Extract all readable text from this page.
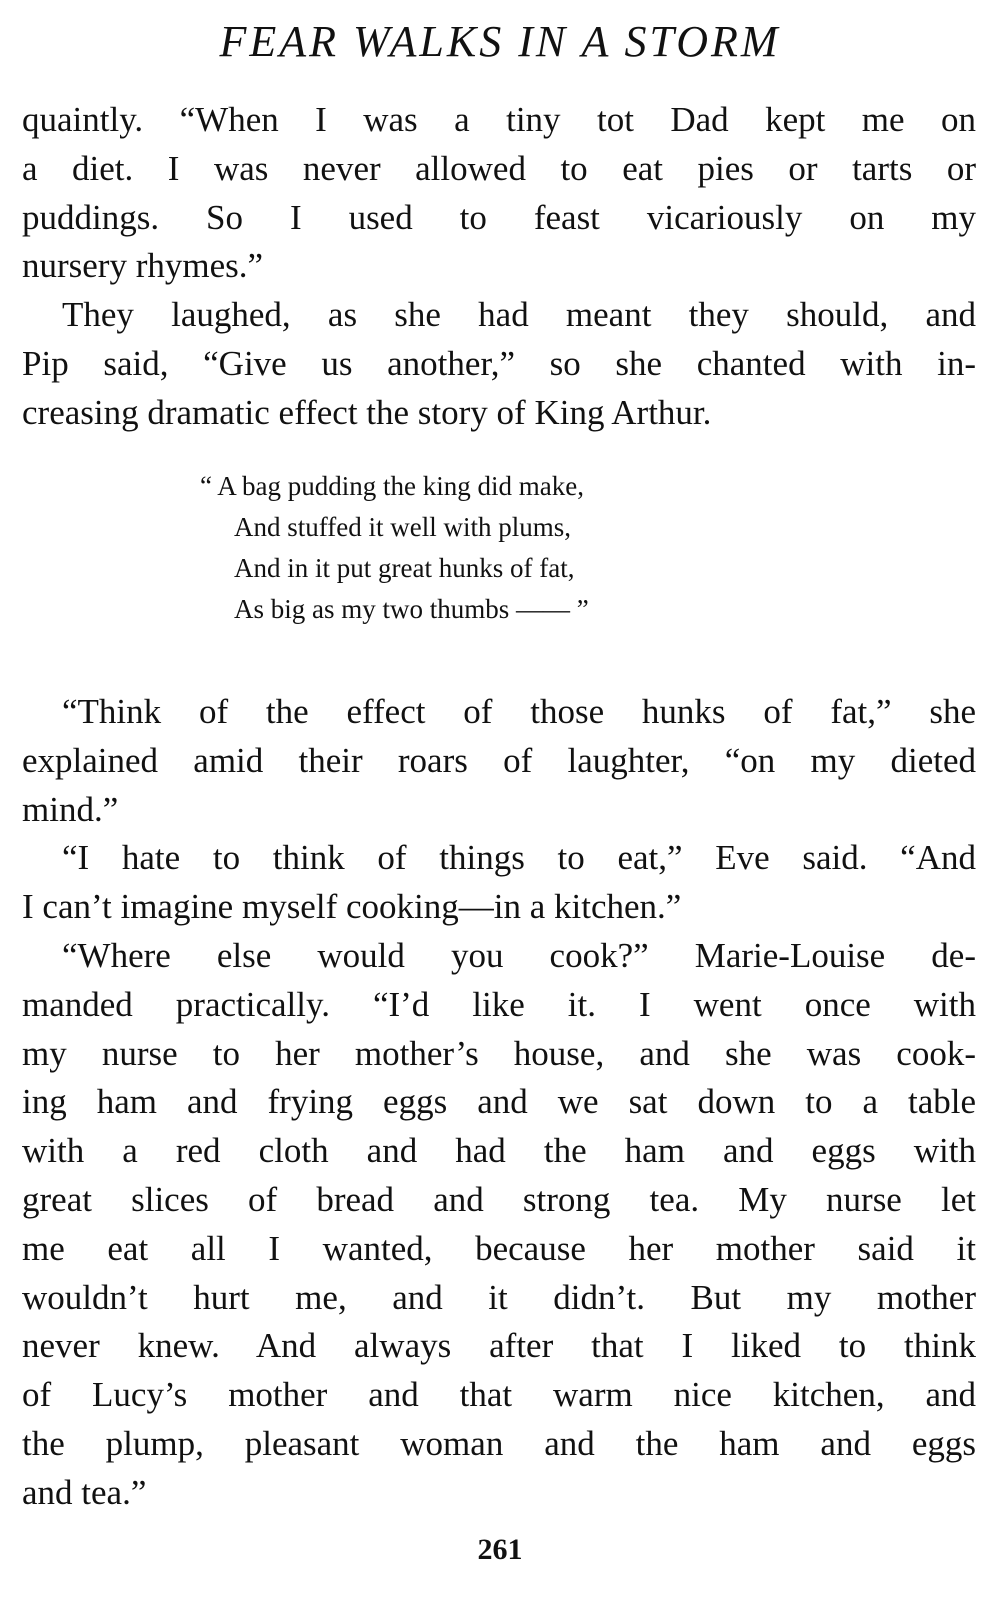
FEAR WALKS IN A STORM
quaintly. “When I was a tiny tot Dad kept me on
a diet. I was never allowed to eat pies or tarts or
puddings. So I used to feast vicariously on my
nursery rhymes.”
They laughed, as she had meant they should, and
Pip said, “Give us another,” so she chanted with in-
creasing dramatic effect the story of King Arthur.
“ A bag pudding the king did make,
And stuffed it well with plums,
And in it put great hunks of fat,
As big as my two thumbs —— ”
“Think of the effect of those hunks of fat,” she
explained amid their roars of laughter, “on my dieted
mind.”
“I hate to think of things to eat,” Eve said. “And
I can’t imagine myself cooking—in a kitchen.”
“Where else would you cook?” Marie-Louise de-
manded practically. “I’d like it. I went once with
my nurse to her mother’s house, and she was cook-
ing ham and frying eggs and we sat down to a table
with a red cloth and had the ham and eggs with
great slices of bread and strong tea. My nurse let
me eat all I wanted, because her mother said it
wouldn’t hurt me, and it didn’t. But my mother
never knew. And always after that I liked to think
of Lucy’s mother and that warm nice kitchen, and
the plump, pleasant woman and the ham and eggs
and tea.”
261
